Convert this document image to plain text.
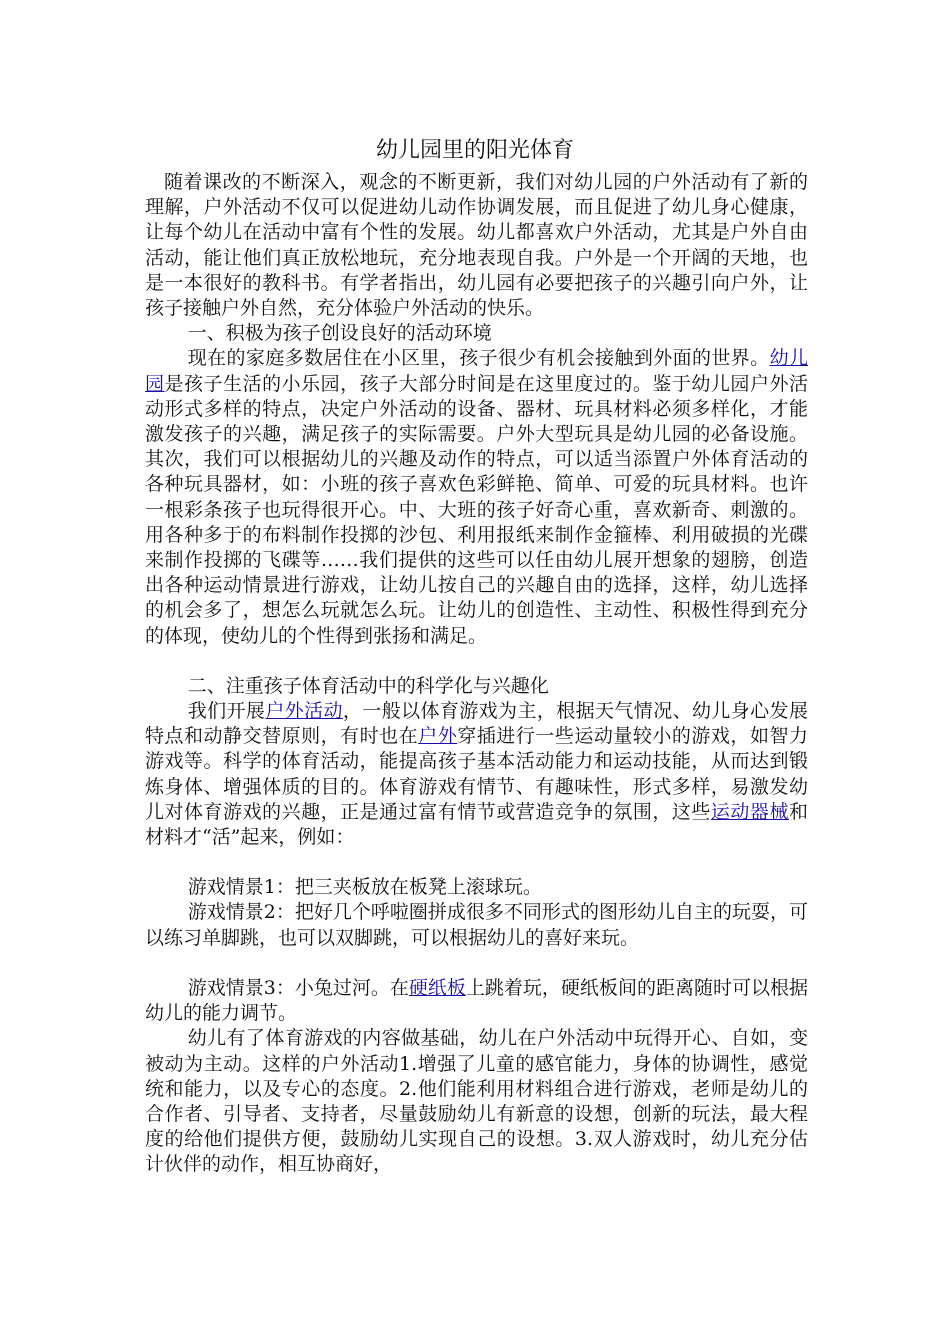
幼儿园里的阳光体育

随着课改的不断深入，观念的不断更新，我们对幼儿园的户外活动有了新的理解，户外活动不仅可以促进幼儿动作协调发展，而且促进了幼儿身心健康，让每个幼儿在活动中富有个性的发展。幼儿都喜欢户外活动，尤其是户外自由活动，能让他们真正放松地玩，充分地表现自我。户外是一个开阔的天地，也是一本很好的教科书。有学者指出，幼儿园有必要把孩子的兴趣引向户外，让孩子接触户外自然，充分体验户外活动的快乐。

一、积极为孩子创设良好的活动环境

现在的家庭多数居住在小区里，孩子很少有机会接触到外面的世界。幼儿园是孩子生活的小乐园，孩子大部分时间是在这里度过的。鉴于幼儿园户外活动形式多样的特点，决定户外活动的设备、器材、玩具材料必须多样化，才能激发孩子的兴趣，满足孩子的实际需要。户外大型玩具是幼儿园的必备设施。其次，我们可以根据幼儿的兴趣及动作的特点，可以适当添置户外体育活动的各种玩具器材，如：小班的孩子喜欢色彩鲜艳、简单、可爱的玩具材料。也许一根彩条孩子也玩得很开心。中、大班的孩子好奇心重，喜欢新奇、刺激的。用各种多于的布料制作投掷的沙包、利用报纸来制作金箍棒、利用破损的光碟来制作投掷的飞碟等……我们提供的这些可以任由幼儿展开想象的翅膀，创造出各种运动情景进行游戏，让幼儿按自己的兴趣自由的选择，这样，幼儿选择的机会多了，想怎么玩就怎么玩。让幼儿的创造性、主动性、积极性得到充分的体现，使幼儿的个性得到张扬和满足。

二、注重孩子体育活动中的科学化与兴趣化

我们开展户外活动，一般以体育游戏为主，根据天气情况、幼儿身心发展特点和动静交替原则，有时也在户外穿插进行一些运动量较小的游戏，如智力游戏等。科学的体育活动，能提高孩子基本活动能力和运动技能，从而达到锻炼身体、增强体质的目的。体育游戏有情节、有趣味性，形式多样，易激发幼儿对体育游戏的兴趣，正是通过富有情节或营造竞争的氛围，这些运动器械和材料才“活”起来，例如：

游戏情景1：把三夹板放在板凳上滚球玩。

游戏情景2：把好几个呼啦圈拼成很多不同形式的图形幼儿自主的玩耍，可以练习单脚跳，也可以双脚跳，可以根据幼儿的喜好来玩。

游戏情景3：小兔过河。在硬纸板上跳着玩，硬纸板间的距离随时可以根据幼儿的能力调节。

幼儿有了体育游戏的内容做基础，幼儿在户外活动中玩得开心、自如，变被动为主动。这样的户外活动1.增强了儿童的感官能力，身体的协调性，感觉统和能力，以及专心的态度。2.他们能利用材料组合进行游戏，老师是幼儿的合作者、引导者、支持者，尽量鼓励幼儿有新意的设想，创新的玩法，最大程度的给他们提供方便，鼓励幼儿实现自己的设想。3.双人游戏时，幼儿充分估计伙伴的动作，相互协商好，
